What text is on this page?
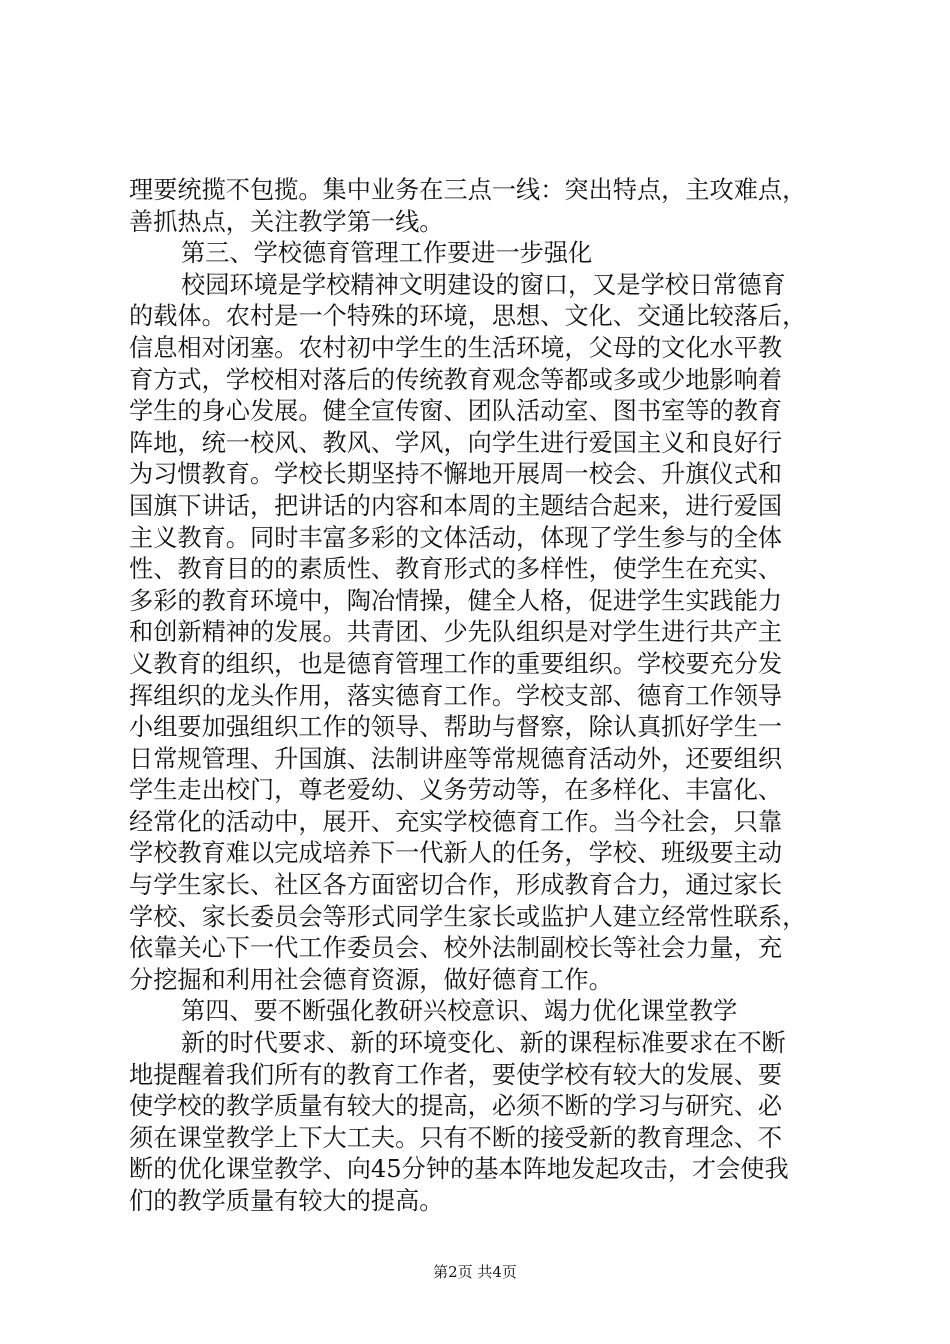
理要统揽不包揽。集中业务在三点一线：突出特点，主攻难点，
善抓热点，关注教学第一线。
第三、学校德育管理工作要进一步强化
校园环境是学校精神文明建设的窗口，又是学校日常德育
的载体。农村是一个特殊的环境，思想、文化、交通比较落后，
信息相对闭塞。农村初中学生的生活环境，父母的文化水平教
育方式，学校相对落后的传统教育观念等都或多或少地影响着
学生的身心发展。健全宣传窗、团队活动室、图书室等的教育
阵地，统一校风、教风、学风，向学生进行爱国主义和良好行
为习惯教育。学校长期坚持不懈地开展周一校会、升旗仪式和
国旗下讲话，把讲话的内容和本周的主题结合起来，进行爱国
主义教育。同时丰富多彩的文体活动，体现了学生参与的全体
性、教育目的的素质性、教育形式的多样性，使学生在充实、
多彩的教育环境中，陶冶情操，健全人格，促进学生实践能力
和创新精神的发展。共青团、少先队组织是对学生进行共产主
义教育的组织，也是德育管理工作的重要组织。学校要充分发
挥组织的龙头作用，落实德育工作。学校支部、德育工作领导
小组要加强组织工作的领导、帮助与督察，除认真抓好学生一
日常规管理、升国旗、法制讲座等常规德育活动外，还要组织
学生走出校门，尊老爱幼、义务劳动等，在多样化、丰富化、
经常化的活动中，展开、充实学校德育工作。当今社会，只靠
学校教育难以完成培养下一代新人的任务，学校、班级要主动
与学生家长、社区各方面密切合作，形成教育合力，通过家长
学校、家长委员会等形式同学生家长或监护人建立经常性联系，
依靠关心下一代工作委员会、校外法制副校长等社会力量，充
分挖掘和利用社会德育资源，做好德育工作。
第四、要不断强化教研兴校意识、竭力优化课堂教学
新的时代要求、新的环境变化、新的课程标准要求在不断
地提醒着我们所有的教育工作者，要使学校有较大的发展、要
使学校的教学质量有较大的提高，必须不断的学习与研究、必
须在课堂教学上下大工夫。只有不断的接受新的教育理念、不
断的优化课堂教学、向45分钟的基本阵地发起攻击，才会使我
们的教学质量有较大的提高。
第2页 共4页
